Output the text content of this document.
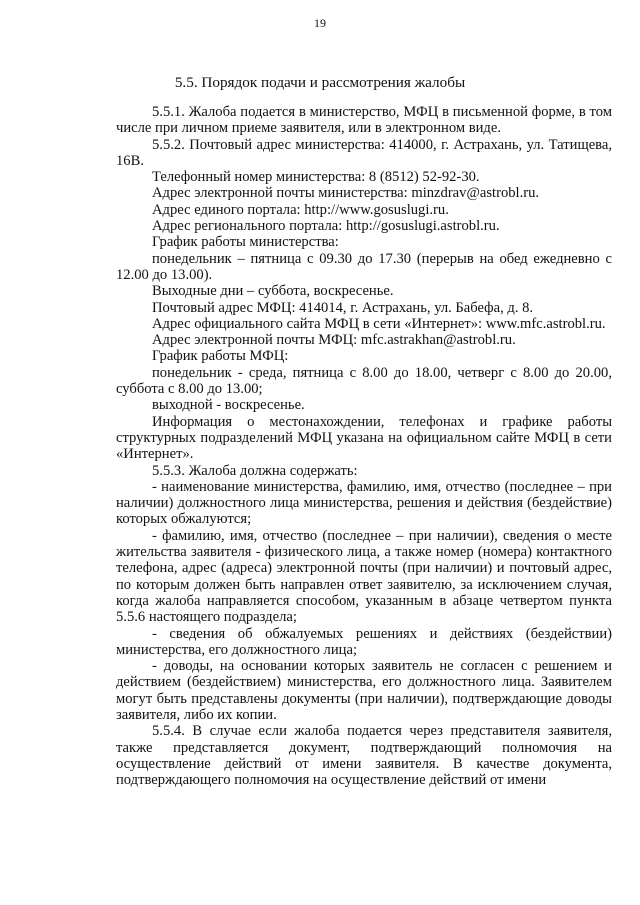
19
5.5. Порядок подачи и рассмотрения жалобы

5.5.1. Жалоба подается в министерство, МФЦ в письменной форме, в том числе при личном приеме заявителя, или в электронном виде.

5.5.2. Почтовый адрес министерства: 414000, г. Астрахань, ул. Татищева, 16В.

Телефонный номер министерства: 8 (8512) 52-92-30.

Адрес электронной почты министерства: minzdrav@astrobl.ru.

Адрес единого портала: http://www.gosuslugi.ru.

Адрес регионального портала: http://gosuslugi.astrobl.ru.

График работы министерства:

понедельник – пятница с 09.30 до 17.30 (перерыв на обед ежедневно с 12.00 до 13.00).

Выходные дни – суббота, воскресенье.

Почтовый адрес МФЦ: 414014, г. Астрахань, ул. Бабефа, д. 8.

Адрес официального сайта МФЦ в сети «Интернет»: www.mfc.astrobl.ru.

Адрес электронной почты МФЦ: mfc.astrakhan@astrobl.ru.

График работы МФЦ:

понедельник - среда, пятница с 8.00 до 18.00, четверг с 8.00 до 20.00, суббота с 8.00 до 13.00;

выходной - воскресенье.

Информация о местонахождении, телефонах и графике работы структурных подразделений МФЦ указана на официальном сайте МФЦ в сети «Интернет».

5.5.3. Жалоба должна содержать:

- наименование министерства, фамилию, имя, отчество (последнее – при наличии) должностного лица министерства, решения и действия (бездействие) которых обжалуются;

- фамилию, имя, отчество (последнее – при наличии), сведения о месте жительства заявителя - физического лица, а также номер (номера) контактного телефона, адрес (адреса) электронной почты (при наличии) и почтовый адрес, по которым должен быть направлен ответ заявителю, за исключением случая, когда жалоба направляется способом, указанным в абзаце четвертом пункта 5.5.6 настоящего подраздела;

- сведения об обжалуемых решениях и действиях (бездействии) министерства, его должностного лица;

- доводы, на основании которых заявитель не согласен с решением и действием (бездействием) министерства, его должностного лица. Заявителем могут быть представлены документы (при наличии), подтверждающие доводы заявителя, либо их копии.

5.5.4. В случае если жалоба подается через представителя заявителя, также представляется документ, подтверждающий полномочия на осуществление действий от имени заявителя. В качестве документа, подтверждающего полномочия на осуществление действий от имени
